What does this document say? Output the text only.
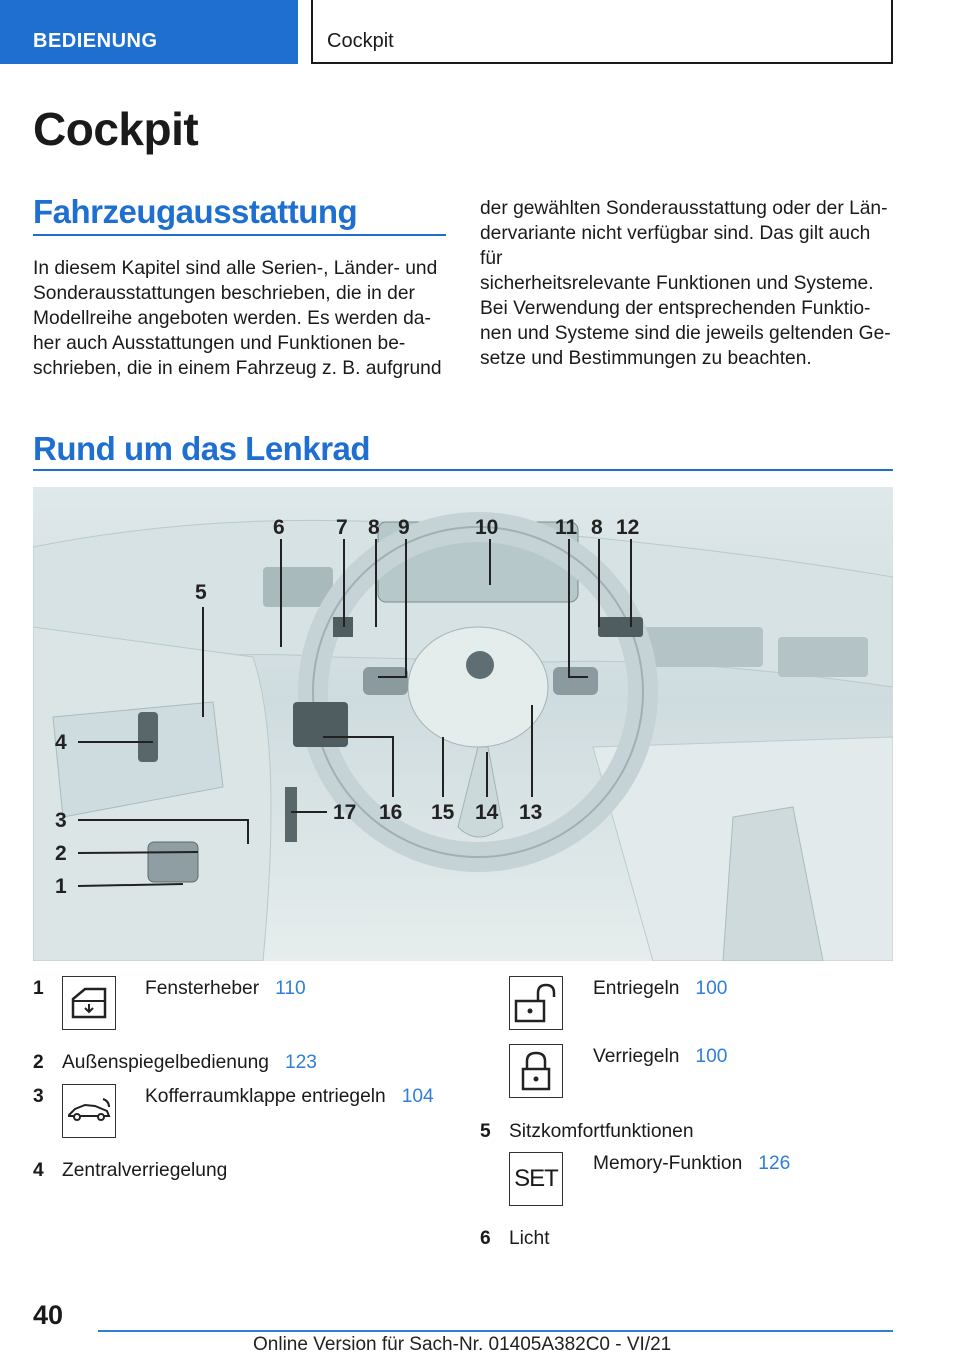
BEDIENUNG	Cockpit
Cockpit
Fahrzeugausstattung

In diesem Kapitel sind alle Serien-, Länder- und

Sonderausstattungen beschrieben, die in der

Modellreihe angeboten werden. Es werden da-

her auch Ausstattungen und Funktionen be-

schrieben, die in einem Fahrzeug z. B. aufgrund

der gewählten Sonderausstattung oder der Län-

dervariante nicht verfügbar sind. Das gilt auch für

sicherheitsrelevante Funktionen und Systeme.

Bei Verwendung der entsprechenden Funktio-

nen und Systeme sind die jeweils geltenden Ge-

setze und Bestimmungen zu beachten.

Rund um das Lenkrad
1
2
3
4
5
6 7 8 9	10	11 8 12
13
14
15
16
17
1	Fensterheber 110
2 Außenspiegelbedienung 123
3	Kofferraumklappe entriegeln 104
4 Zentralverriegelung
Entriegeln 100
Verriegeln 100
5 Sitzkomfortfunktionen
SET
Memory-Funktion 126
6 Licht
40
Online Version für Sach-Nr. 01405A382C0 - VI/21
